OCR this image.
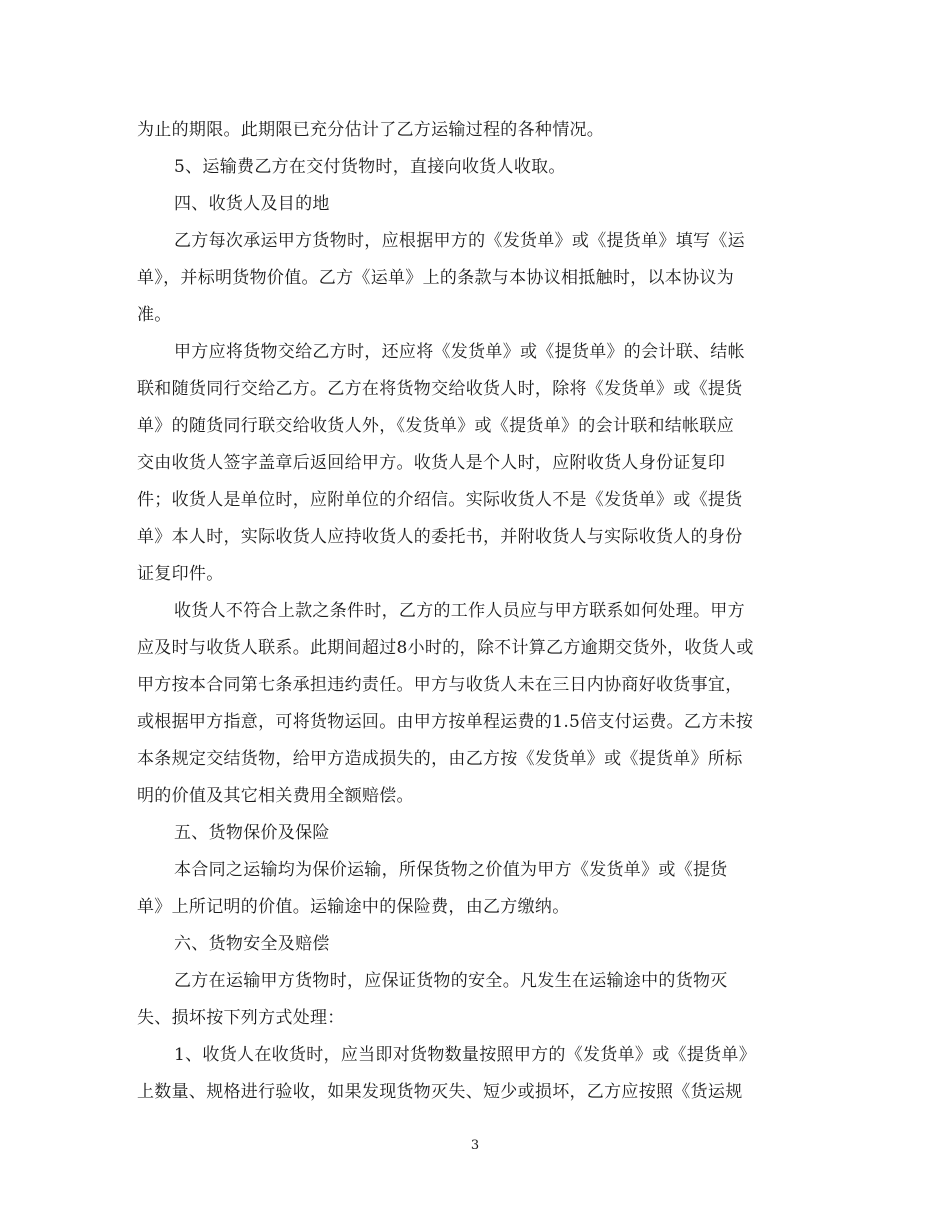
为止的期限。此期限已充分估计了乙方运输过程的各种情况。
5、运输费乙方在交付货物时，直接向收货人收取。
四、收货人及目的地
乙方每次承运甲方货物时，应根据甲方的《发货单》或《提货单》填写《运
单》，并标明货物价值。乙方《运单》上的条款与本协议相抵触时，以本协议为
准。
甲方应将货物交给乙方时，还应将《发货单》或《提货单》的会计联、结帐
联和随货同行交给乙方。乙方在将货物交给收货人时，除将《发货单》或《提货
单》的随货同行联交给收货人外，《发货单》或《提货单》的会计联和结帐联应
交由收货人签字盖章后返回给甲方。收货人是个人时，应附收货人身份证复印
件；收货人是单位时，应附单位的介绍信。实际收货人不是《发货单》或《提货
单》本人时，实际收货人应持收货人的委托书，并附收货人与实际收货人的身份
证复印件。
收货人不符合上款之条件时，乙方的工作人员应与甲方联系如何处理。甲方
应及时与收货人联系。此期间超过8小时的，除不计算乙方逾期交货外，收货人或
甲方按本合同第七条承担违约责任。甲方与收货人未在三日内协商好收货事宜，
或根据甲方指意，可将货物运回。由甲方按单程运费的1.5倍支付运费。乙方未按
本条规定交结货物，给甲方造成损失的，由乙方按《发货单》或《提货单》所标
明的价值及其它相关费用全额赔偿。
五、货物保价及保险
本合同之运输均为保价运输，所保货物之价值为甲方《发货单》或《提货
单》上所记明的价值。运输途中的保险费，由乙方缴纳。
六、货物安全及赔偿
乙方在运输甲方货物时，应保证货物的安全。凡发生在运输途中的货物灭
失、损坏按下列方式处理：
1、收货人在收货时，应当即对货物数量按照甲方的《发货单》或《提货单》
上数量、规格进行验收，如果发现货物灭失、短少或损坏，乙方应按照《货运规
3
